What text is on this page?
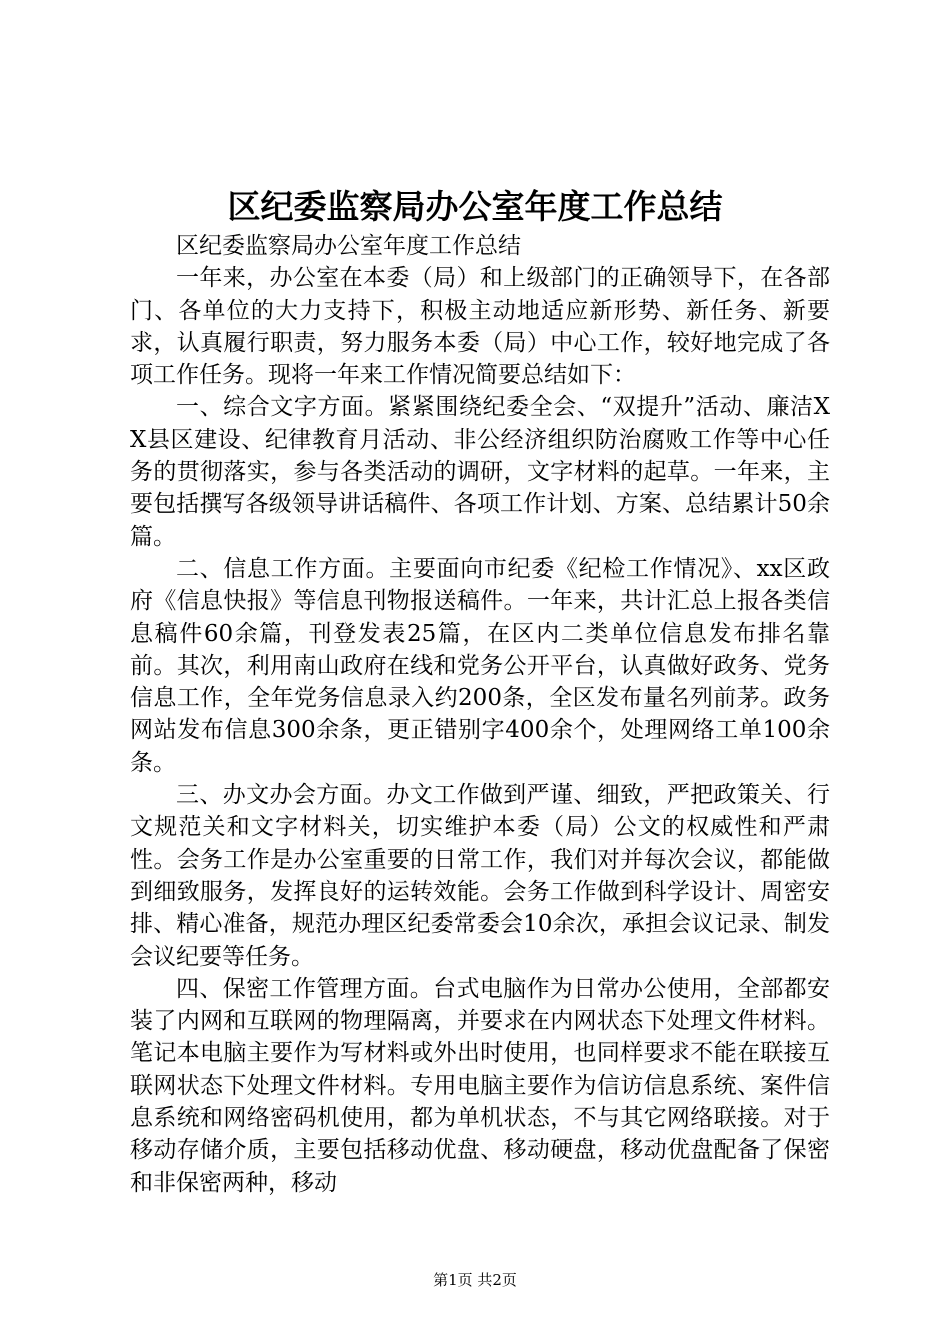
区纪委监察局办公室年度工作总结

区纪委监察局办公室年度工作总结

一年来，办公室在本委（局）和上级部门的正确领导下，在各部门、各单位的大力支持下，积极主动地适应新形势、新任务、新要求，认真履行职责，努力服务本委（局）中心工作，较好地完成了各项工作任务。现将一年来工作情况简要总结如下：

一、综合文字方面。紧紧围绕纪委全会、“双提升”活动、廉洁XX县区建设、纪律教育月活动、非公经济组织防治腐败工作等中心任务的贯彻落实，参与各类活动的调研，文字材料的起草。一年来，主要包括撰写各级领导讲话稿件、各项工作计划、方案、总结累计50余篇。

二、信息工作方面。主要面向市纪委《纪检工作情况》、xx区政府《信息快报》等信息刊物报送稿件。一年来，共计汇总上报各类信息稿件60余篇，刊登发表25篇，在区内二类单位信息发布排名靠前。其次，利用南山政府在线和党务公开平台，认真做好政务、党务信息工作，全年党务信息录入约200条，全区发布量名列前茅。政务网站发布信息300余条，更正错别字400余个，处理网络工单100余条。

三、办文办会方面。办文工作做到严谨、细致，严把政策关、行文规范关和文字材料关，切实维护本委（局）公文的权威性和严肃性。会务工作是办公室重要的日常工作，我们对并每次会议，都能做到细致服务，发挥良好的运转效能。会务工作做到科学设计、周密安排、精心准备，规范办理区纪委常委会10余次，承担会议记录、制发会议纪要等任务。

四、保密工作管理方面。台式电脑作为日常办公使用，全部都安装了内网和互联网的物理隔离，并要求在内网状态下处理文件材料。笔记本电脑主要作为写材料或外出时使用，也同样要求不能在联接互联网状态下处理文件材料。专用电脑主要作为信访信息系统、案件信息系统和网络密码机使用，都为单机状态，不与其它网络联接。对于移动存储介质，主要包括移动优盘、移动硬盘，移动优盘配备了保密和非保密两种，移动

第1页 共2页
